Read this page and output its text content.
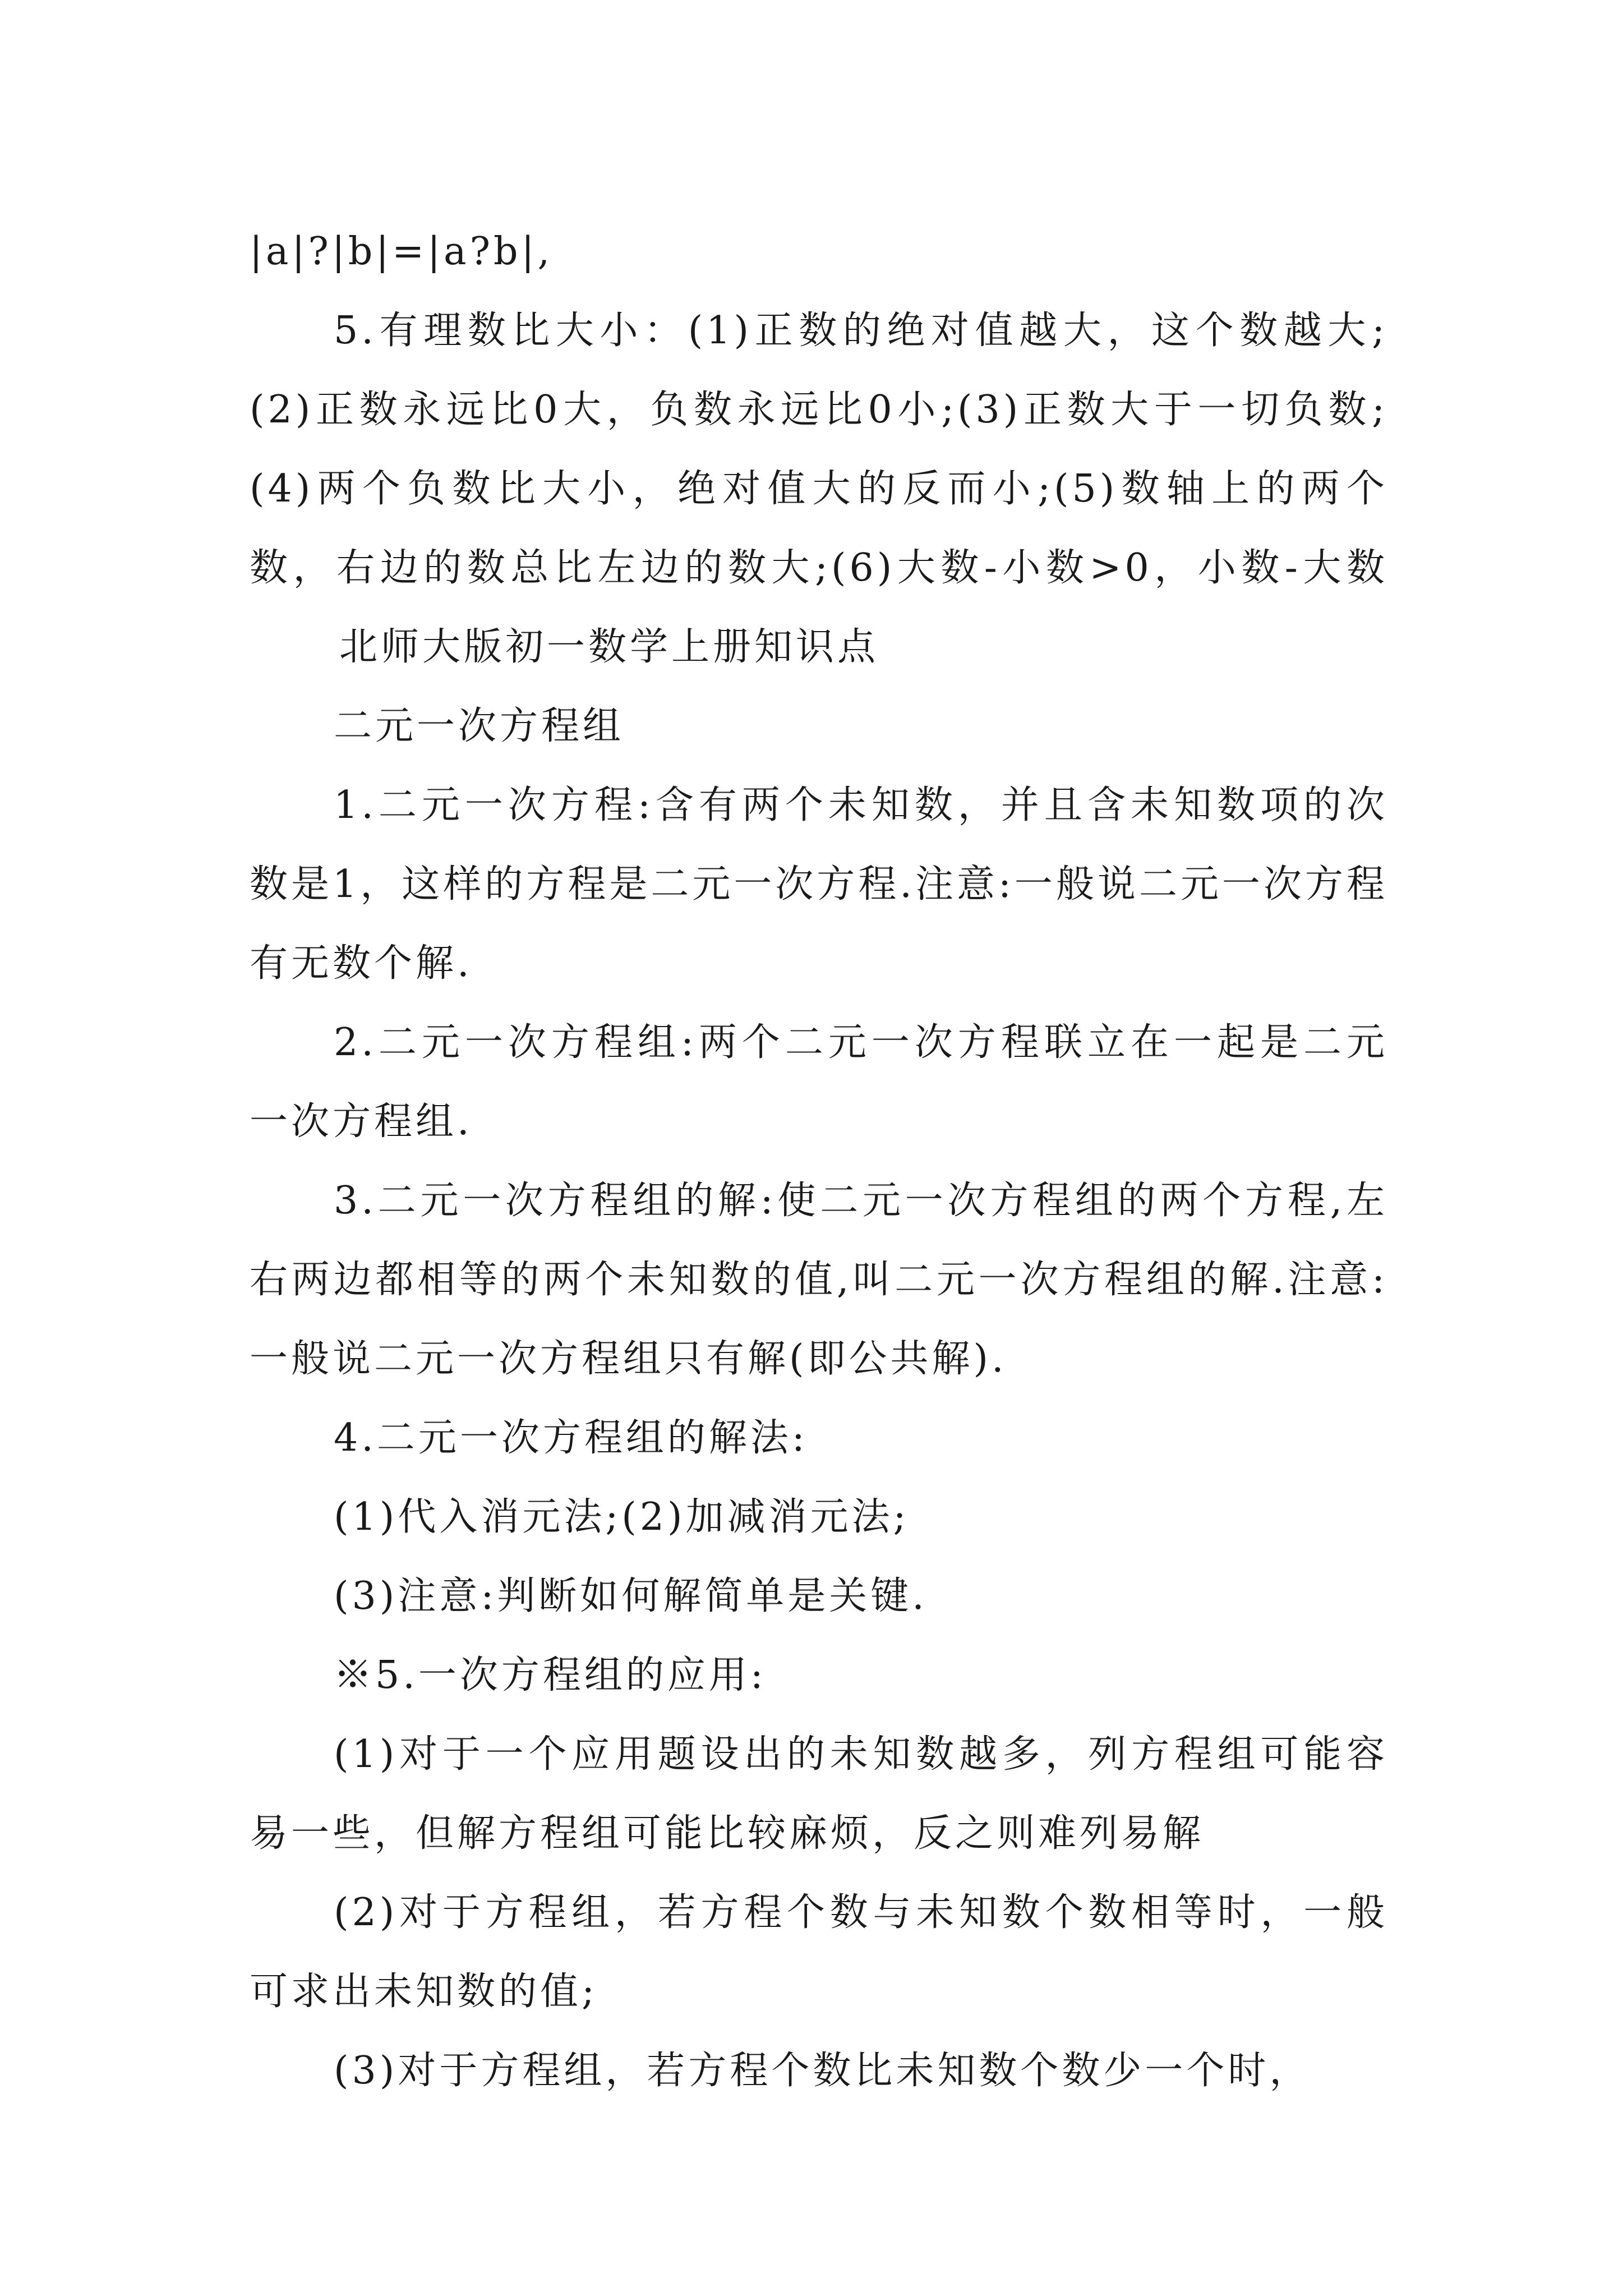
|a|?|b|=|a?b|,

5.有理数比大小：(1)正数的绝对值越大，这个数越大;(2)正数永远比0大，负数永远比0小;(3)正数大于一切负数;(4)两个负数比大小，绝对值大的反而小;(5)数轴上的两个数，右边的数总比左边的数大;(6)大数-小数>0，小数-大数北师大版初一数学上册知识点

二元一次方程组

1.二元一次方程:含有两个未知数，并且含未知数项的次数是1，这样的方程是二元一次方程.注意:一般说二元一次方程有无数个解.

2.二元一次方程组:两个二元一次方程联立在一起是二元一次方程组.

3.二元一次方程组的解:使二元一次方程组的两个方程,左右两边都相等的两个未知数的值,叫二元一次方程组的解.注意:一般说二元一次方程组只有解(即公共解).

4.二元一次方程组的解法:

(1)代入消元法;(2)加减消元法;

(3)注意:判断如何解简单是关键.

※5.一次方程组的应用:

(1)对于一个应用题设出的未知数越多，列方程组可能容易一些，但解方程组可能比较麻烦，反之则难列易解

(2)对于方程组，若方程个数与未知数个数相等时，一般可求出未知数的值;

(3)对于方程组，若方程个数比未知数个数少一个时，
